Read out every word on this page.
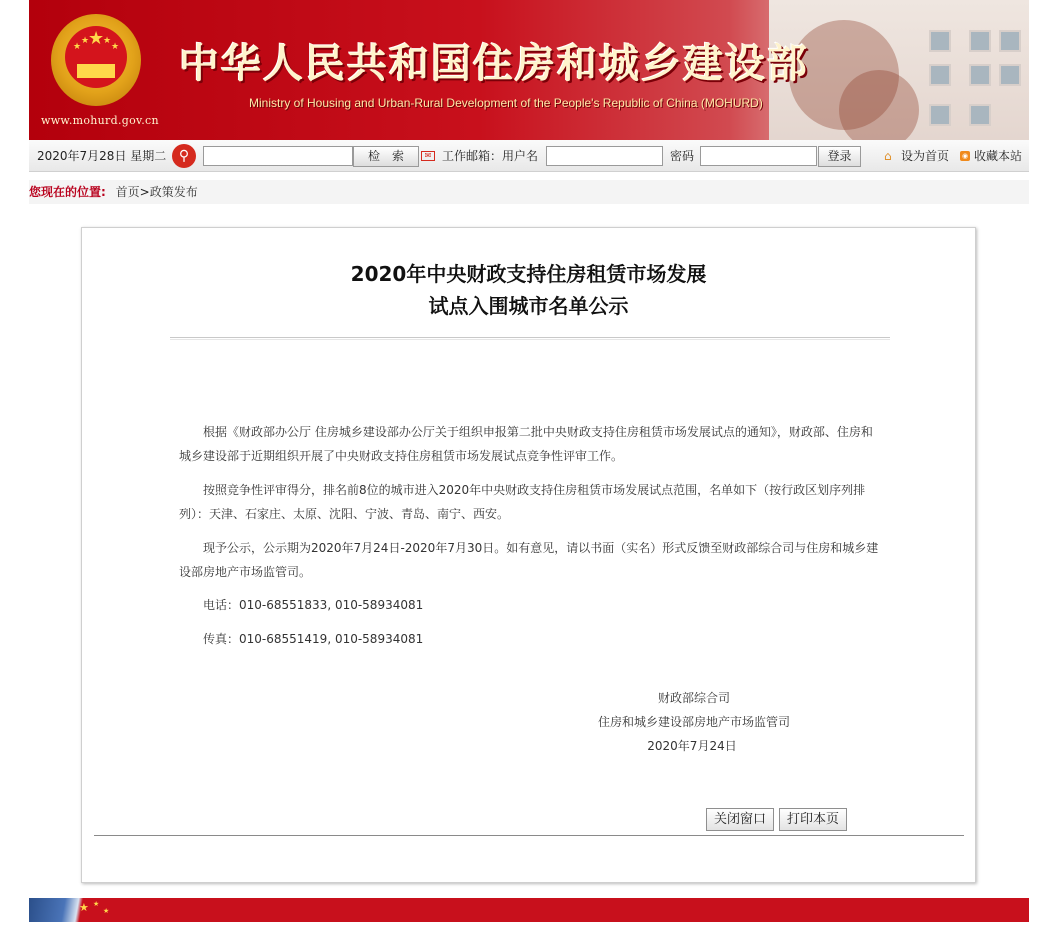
★
★
★ ★
★
www.mohurd.gov.cn
中华人民共和国住房和城乡建设部
Ministry of Housing and Urban-Rural Development of the People's Republic of China (MOHURD)
2020年7月28日 星期二 ⚲	检　索	✉ 工作邮箱：用户名	密码	登录	⌂ 设为首页 ◉ 收藏本站
您现在的位置: 首页>政策发布
2020年中央财政支持住房租赁市场发展
试点入围城市名单公示
根据《财政部办公厅 住房城乡建设部办公厅关于组织申报第二批中央财政支持住房租赁市场发展试点的通知》，财政部、住房和城乡建设部于近期组织开展了中央财政支持住房租赁市场发展试点竞争性评审工作。
按照竞争性评审得分，排名前8位的城市进入2020年中央财政支持住房租赁市场发展试点范围，名单如下（按行政区划序列排列）：天津、石家庄、太原、沈阳、宁波、青岛、南宁、西安。
现予公示，公示期为2020年7月24日-2020年7月30日。如有意见，请以书面（实名）形式反馈至财政部综合司与住房和城乡建设部房地产市场监管司。
电话：010-68551833, 010-58934081
传真：010-68551419, 010-58934081
财政部综合司
住房和城乡建设部房地产市场监管司
2020年7月24日
关闭窗口	打印本页
★ ★
★
